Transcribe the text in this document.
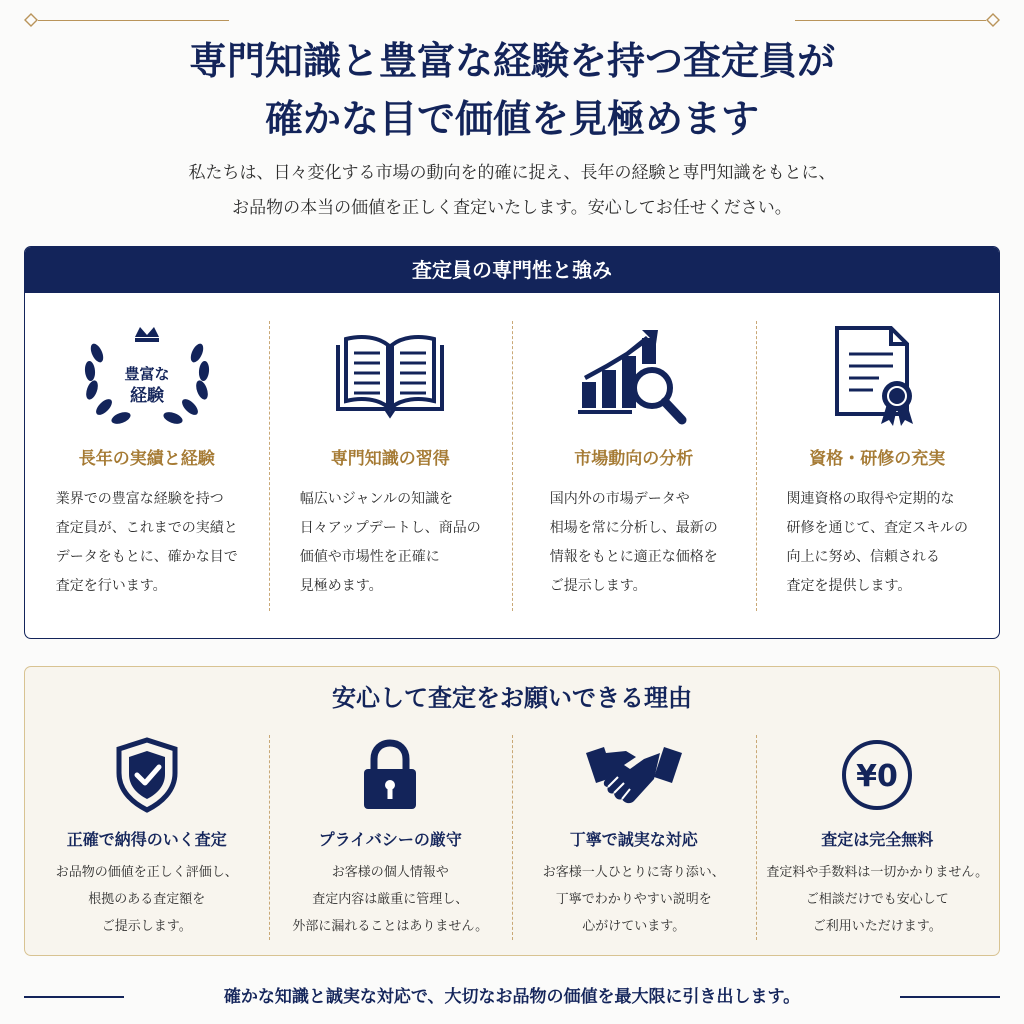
専門知識と豊富な経験を持つ査定員が
確かな目で価値を見極めます

私たちは、日々変化する市場の動向を的確に捉え、長年の経験と専門知識をもとに、

お品物の本当の価値を正しく査定いたします。安心してお任せください。

査定員の専門性と強み
豊富な
経験
長年の実績と経験
業界での豊富な経験を持つ
査定員が、これまでの実績と
データをもとに、確かな目で
査定を行います。
専門知識の習得
幅広いジャンルの知識を
日々アップデートし、商品の
価値や市場性を正確に
見極めます。
市場動向の分析
国内外の市場データや
相場を常に分析し、最新の
情報をもとに適正な価格を
ご提示します。
資格・研修の充実
関連資格の取得や定期的な
研修を通じて、査定スキルの
向上に努め、信頼される
査定を提供します。
安心して査定をお願いできる理由
正確で納得のいく査定
お品物の価値を正しく評価し、
根拠のある査定額を
ご提示します。
プライバシーの厳守
お客様の個人情報や
査定内容は厳重に管理し、
外部に漏れることはありません。
丁寧で誠実な対応
お客様一人ひとりに寄り添い、
丁寧でわかりやすい説明を
心がけています。
¥0
査定は完全無料
査定料や手数料は一切かかりません。
ご相談だけでも安心して
ご利用いただけます。
確かな知識と誠実な対応で、大切なお品物の価値を最大限に引き出します。
